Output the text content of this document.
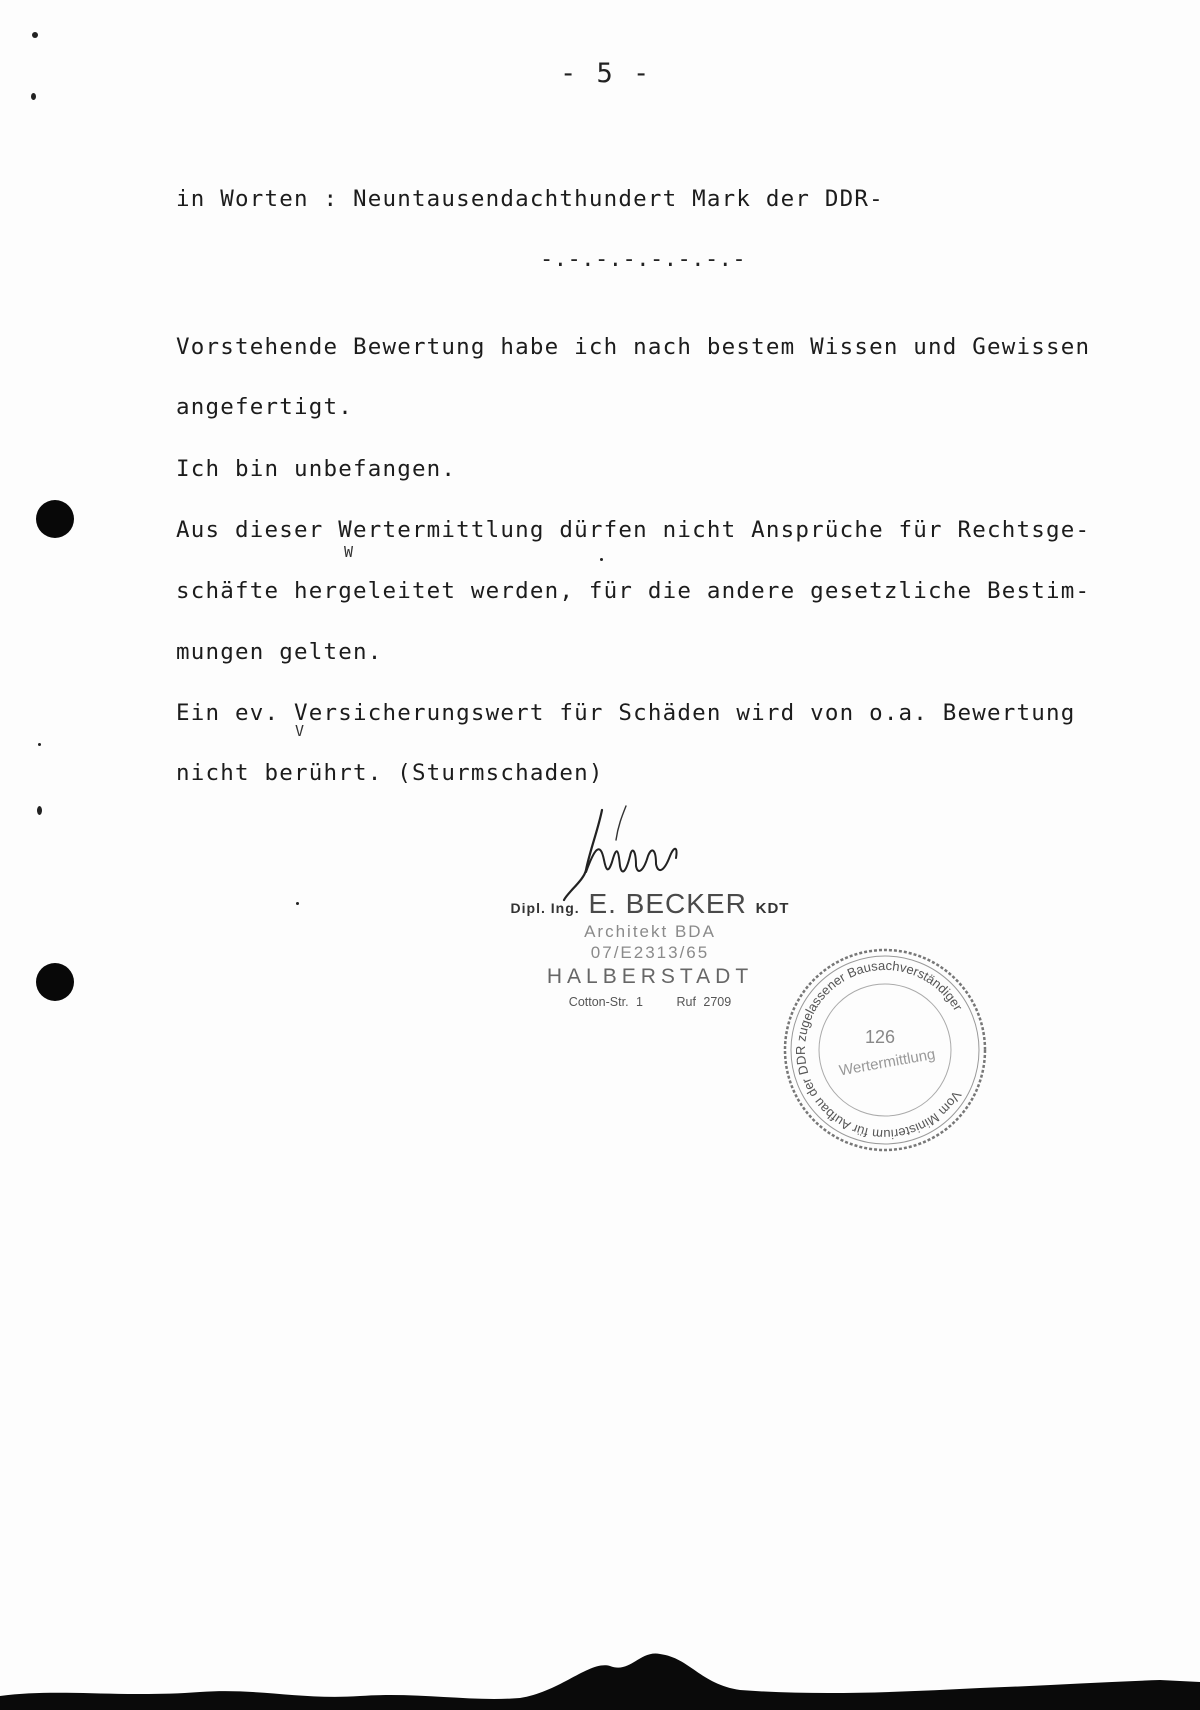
- 5 -
in Worten : Neuntausendachthundert Mark der DDR-
-.-.-.-.-.-.-.-
Vorstehende Bewertung habe ich nach bestem Wissen und Gewissen
angefertigt.
Ich bin unbefangen.
Aus dieser Wertermittlung dürfen nicht Ansprüche für Rechtsge-
W
schäfte hergeleitet werden, für die andere gesetzliche Bestim-
mungen gelten.
Ein ev. Versicherungswert für Schäden wird von o.a. Bewertung
V
nicht berührt. (Sturmschaden)
Dipl. Ing. E. BECKER KDT
Architekt BDA
07/E2313/65
HALBERSTADT
Cotton-Str. 1	Ruf 2709
Vom Ministerium für Aufbau der DDR zugelassener Bausachverständiger
126
Wertermittlung
